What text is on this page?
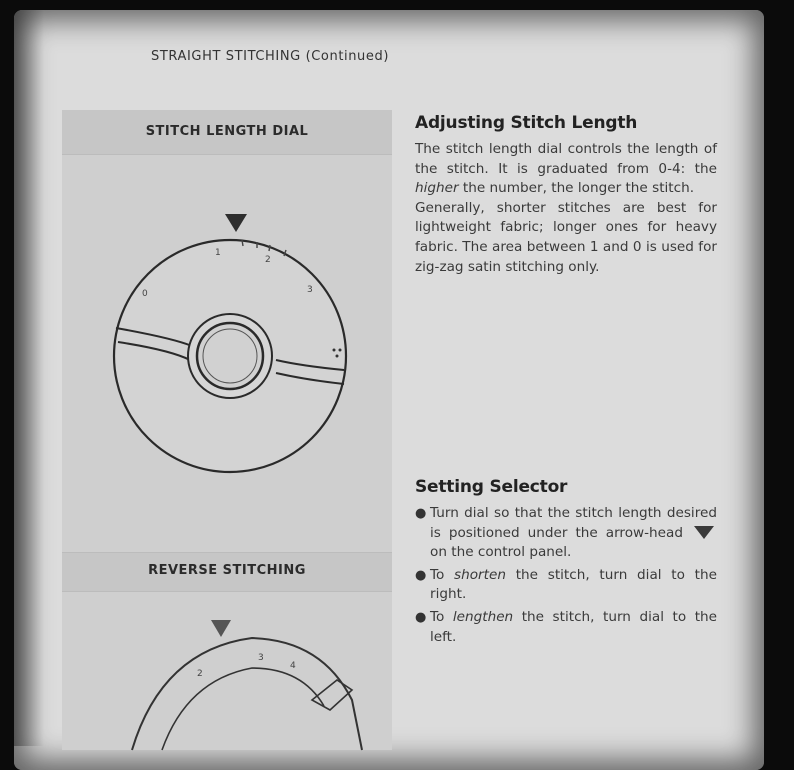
STRAIGHT STITCHING (Continued)
STITCH LENGTH DIAL
0
1
2
3
REVERSE STITCHING
2
3
4
Adjusting Stitch Length

The stitch length dial controls the length of the stitch. It is graduated from 0-4: the higher the number, the longer the stitch.

Generally, shorter stitches are best for lightweight fabric; longer ones for heavy fabric. The area between 1 and 0 is used for zig-zag satin stitching only.

Setting Selector
● Turn dial so that the stitch length desired is positioned under the arrow-head  on the control panel.
● To shorten the stitch, turn dial to the right.
● To lengthen the stitch, turn dial to the left.
